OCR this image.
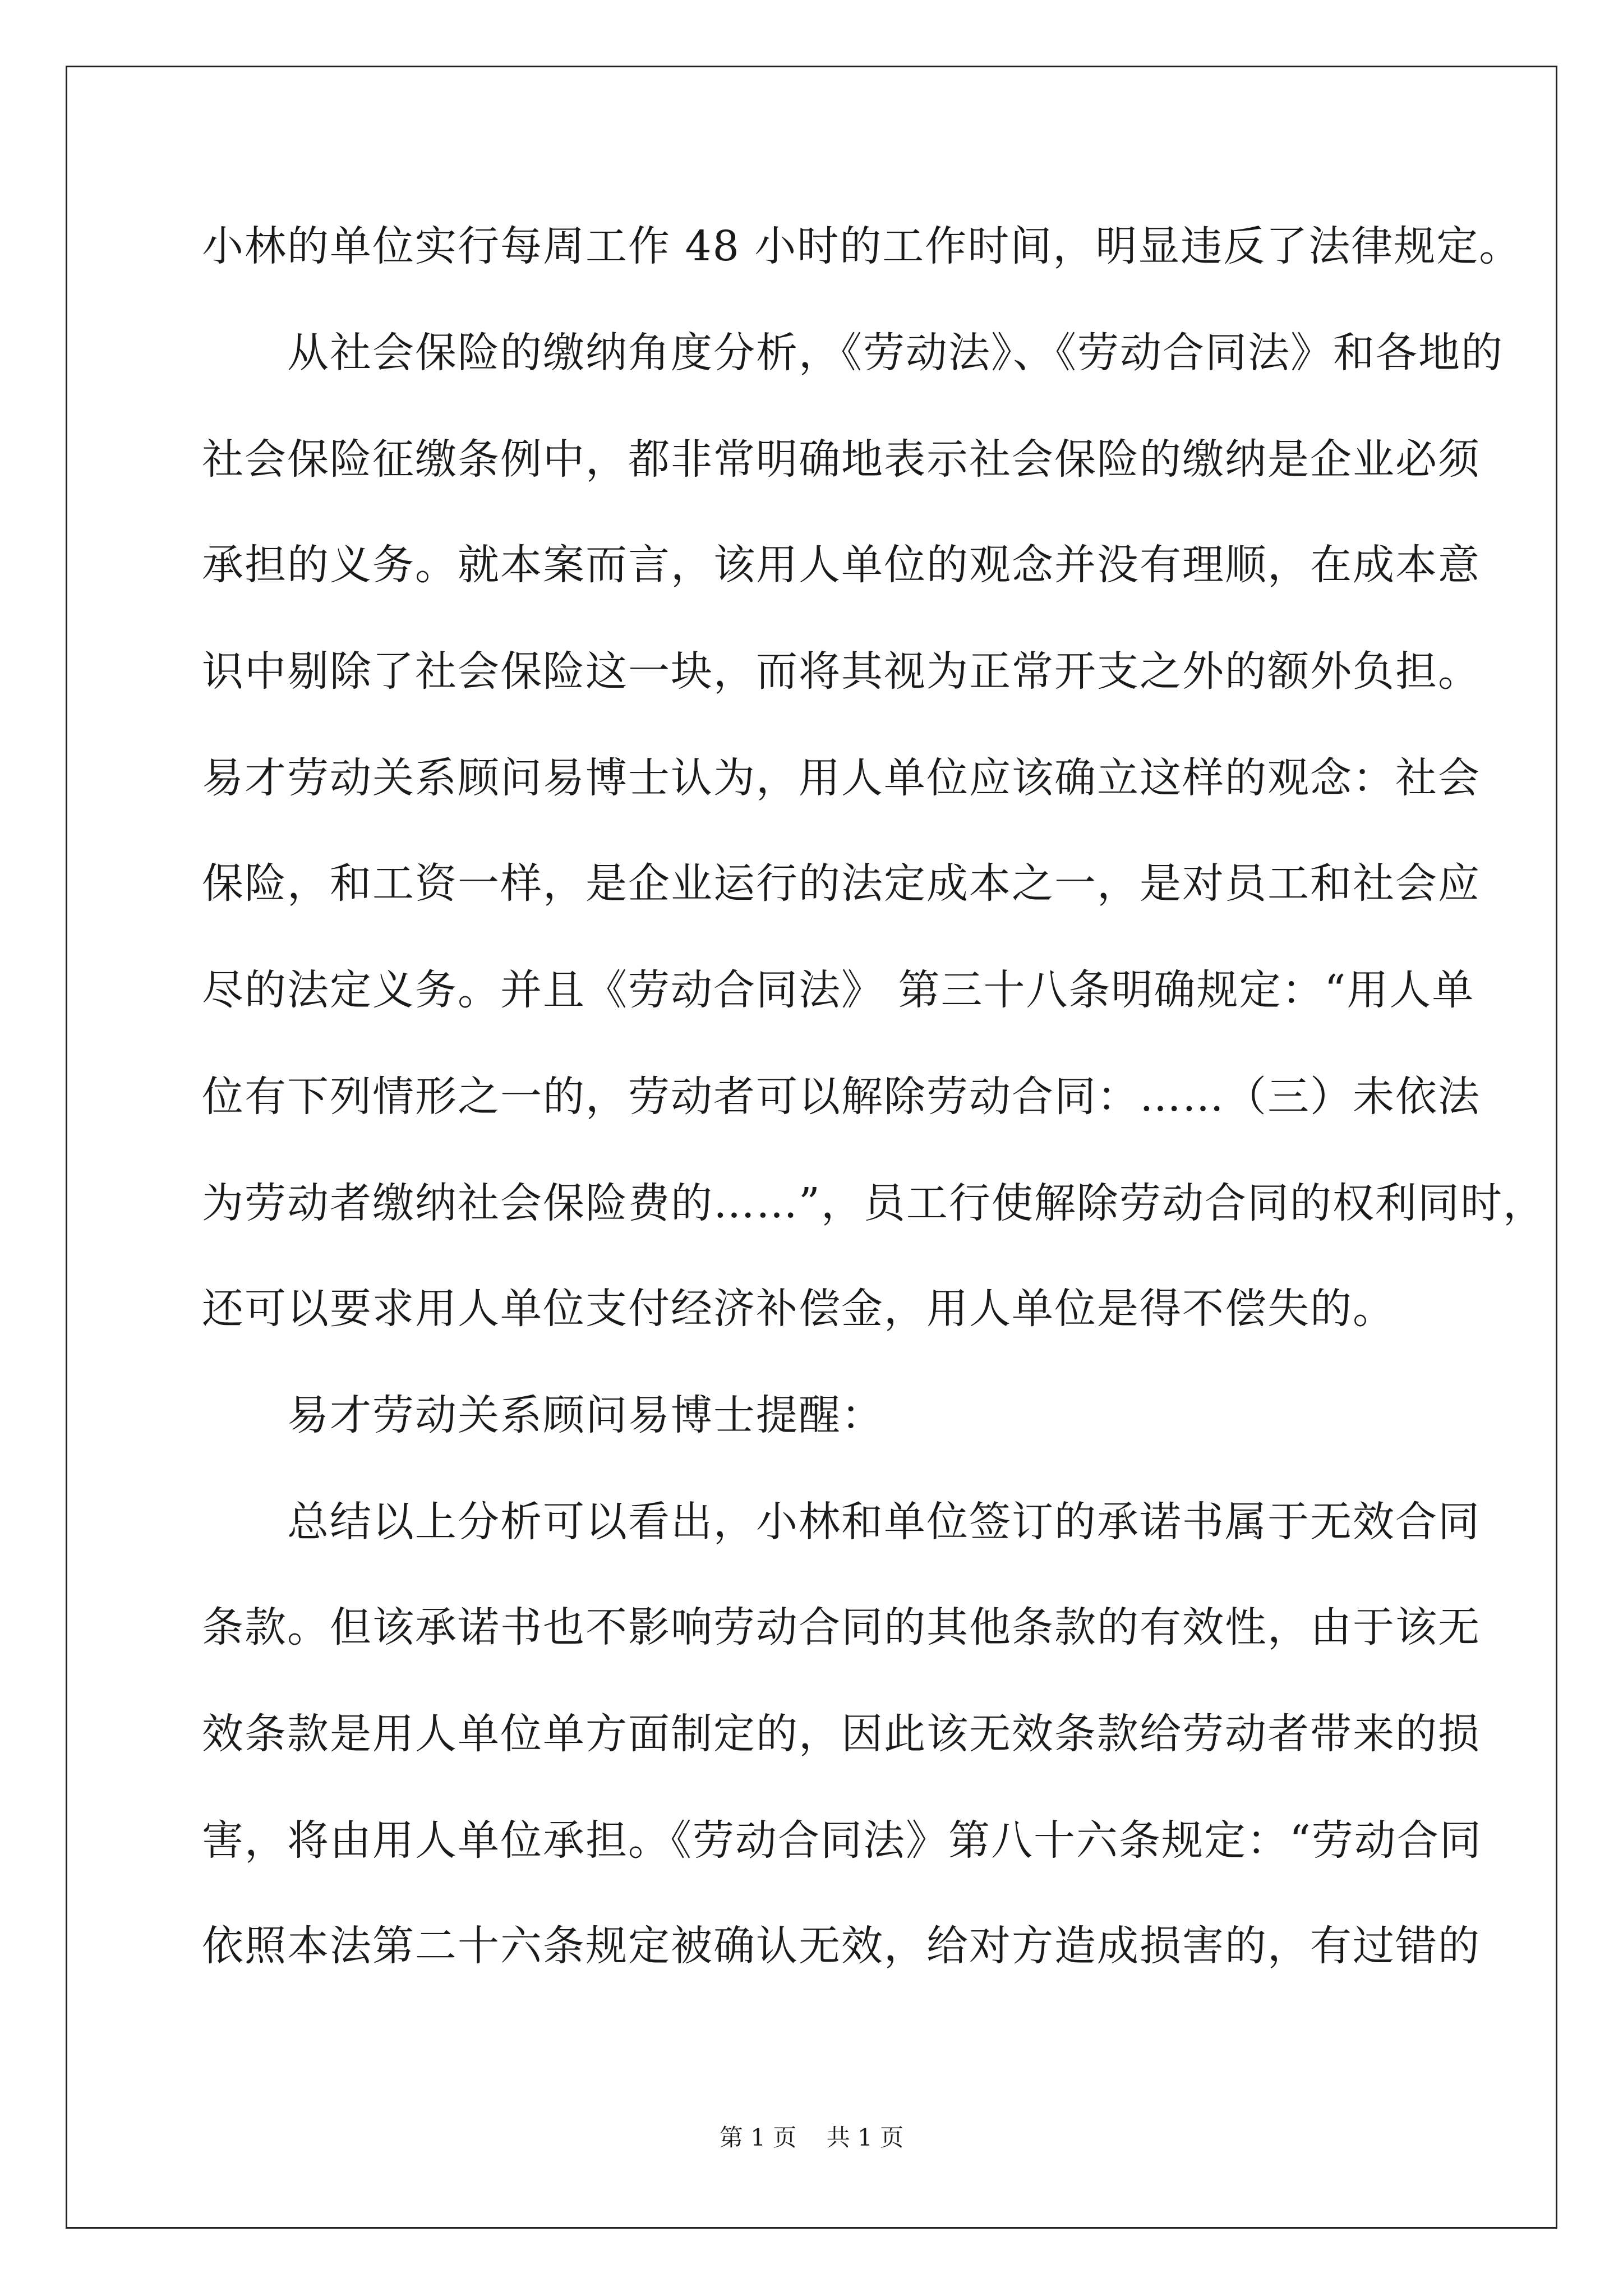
小林的单位实行每周工作 48 小时的工作时间，明显违反了法律规定。
　　从社会保险的缴纳角度分析，《劳动法》、《劳动合同法》和各地的
社会保险征缴条例中，都非常明确地表示社会保险的缴纳是企业必须
承担的义务。就本案而言，该用人单位的观念并没有理顺，在成本意
识中剔除了社会保险这一块，而将其视为正常开支之外的额外负担。
易才劳动关系顾问易博士认为，用人单位应该确立这样的观念：社会
保险，和工资一样，是企业运行的法定成本之一，是对员工和社会应
尽的法定义务。并且《劳动合同法》 第三十八条明确规定：“用人单
位有下列情形之一的，劳动者可以解除劳动合同：……（三）未依法
为劳动者缴纳社会保险费的……”，员工行使解除劳动合同的权利同时，
还可以要求用人单位支付经济补偿金，用人单位是得不偿失的。
　　易才劳动关系顾问易博士提醒：
　　总结以上分析可以看出，小林和单位签订的承诺书属于无效合同
条款。但该承诺书也不影响劳动合同的其他条款的有效性，由于该无
效条款是用人单位单方面制定的，因此该无效条款给劳动者带来的损
害，将由用人单位承担。《劳动合同法》第八十六条规定：“劳动合同
依照本法第二十六条规定被确认无效，给对方造成损害的，有过错的
第 1 页 共 1 页
